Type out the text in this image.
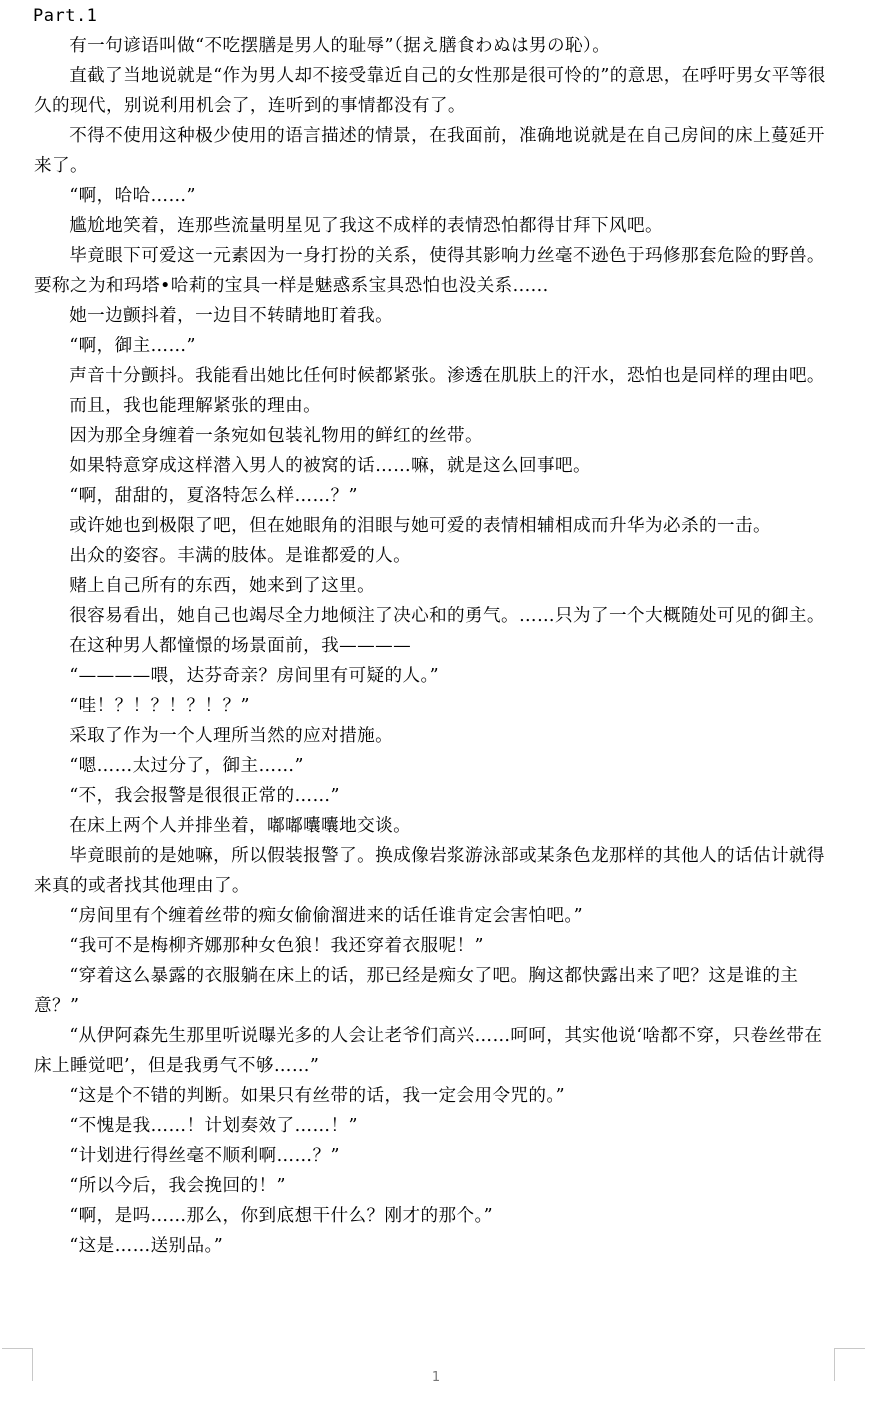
Part.1

有一句谚语叫做“不吃摆膳是男人的耻辱”（据え膳食わぬは男の恥）。

直截了当地说就是“作为男人却不接受靠近自己的女性那是很可怜的”的意思，在呼吁男女平等很久的现代，别说利用机会了，连听到的事情都没有了。

不得不使用这种极少使用的语言描述的情景，在我面前，准确地说就是在自己房间的床上蔓延开来了。

“啊，哈哈……”

尴尬地笑着，连那些流量明星见了我这不成样的表情恐怕都得甘拜下风吧。

毕竟眼下可爱这一元素因为一身打扮的关系，使得其影响力丝毫不逊色于玛修那套危险的野兽。要称之为和玛塔•哈莉的宝具一样是魅惑系宝具恐怕也没关系......

她一边颤抖着，一边目不转睛地盯着我。

“啊，御主……”

声音十分颤抖。我能看出她比任何时候都紧张。渗透在肌肤上的汗水，恐怕也是同样的理由吧。

而且，我也能理解紧张的理由。

因为那全身缠着一条宛如包装礼物用的鲜红的丝带。

如果特意穿成这样潜入男人的被窝的话……嘛，就是这么回事吧。

“啊，甜甜的，夏洛特怎么样……？”

或许她也到极限了吧，但在她眼角的泪眼与她可爱的表情相辅相成而升华为必杀的一击。

出众的姿容。丰满的肢体。是谁都爱的人。

赌上自己所有的东西，她来到了这里。

很容易看出，她自己也竭尽全力地倾注了决心和的勇气。……只为了一个大概随处可见的御主。

在这种男人都憧憬的场景面前，我————

“————喂，达芬奇亲？房间里有可疑的人。”

“哇！？！？！？！？”

采取了作为一个人理所当然的应对措施。

“嗯……太过分了，御主……”

“不，我会报警是很很正常的……”

在床上两个人并排坐着，嘟嘟囔囔地交谈。

毕竟眼前的是她嘛，所以假装报警了。换成像岩浆游泳部或某条色龙那样的其他人的话估计就得来真的或者找其他理由了。

“房间里有个缠着丝带的痴女偷偷溜进来的话任谁肯定会害怕吧。”

“我可不是梅柳齐娜那种女色狼！我还穿着衣服呢！”

“穿着这么暴露的衣服躺在床上的话，那已经是痴女了吧。胸这都快露出来了吧？这是谁的主意？”

“从伊阿森先生那里听说曝光多的人会让老爷们高兴……呵呵，其实他说‘啥都不穿，只卷丝带在床上睡觉吧’，但是我勇气不够……”

“这是个不错的判断。如果只有丝带的话，我一定会用令咒的。”

“不愧是我……！计划奏效了……！”

“计划进行得丝毫不顺利啊……？”

“所以今后，我会挽回的！”

“啊，是吗……那么，你到底想干什么？刚才的那个。”

“这是……送别品。”

1
